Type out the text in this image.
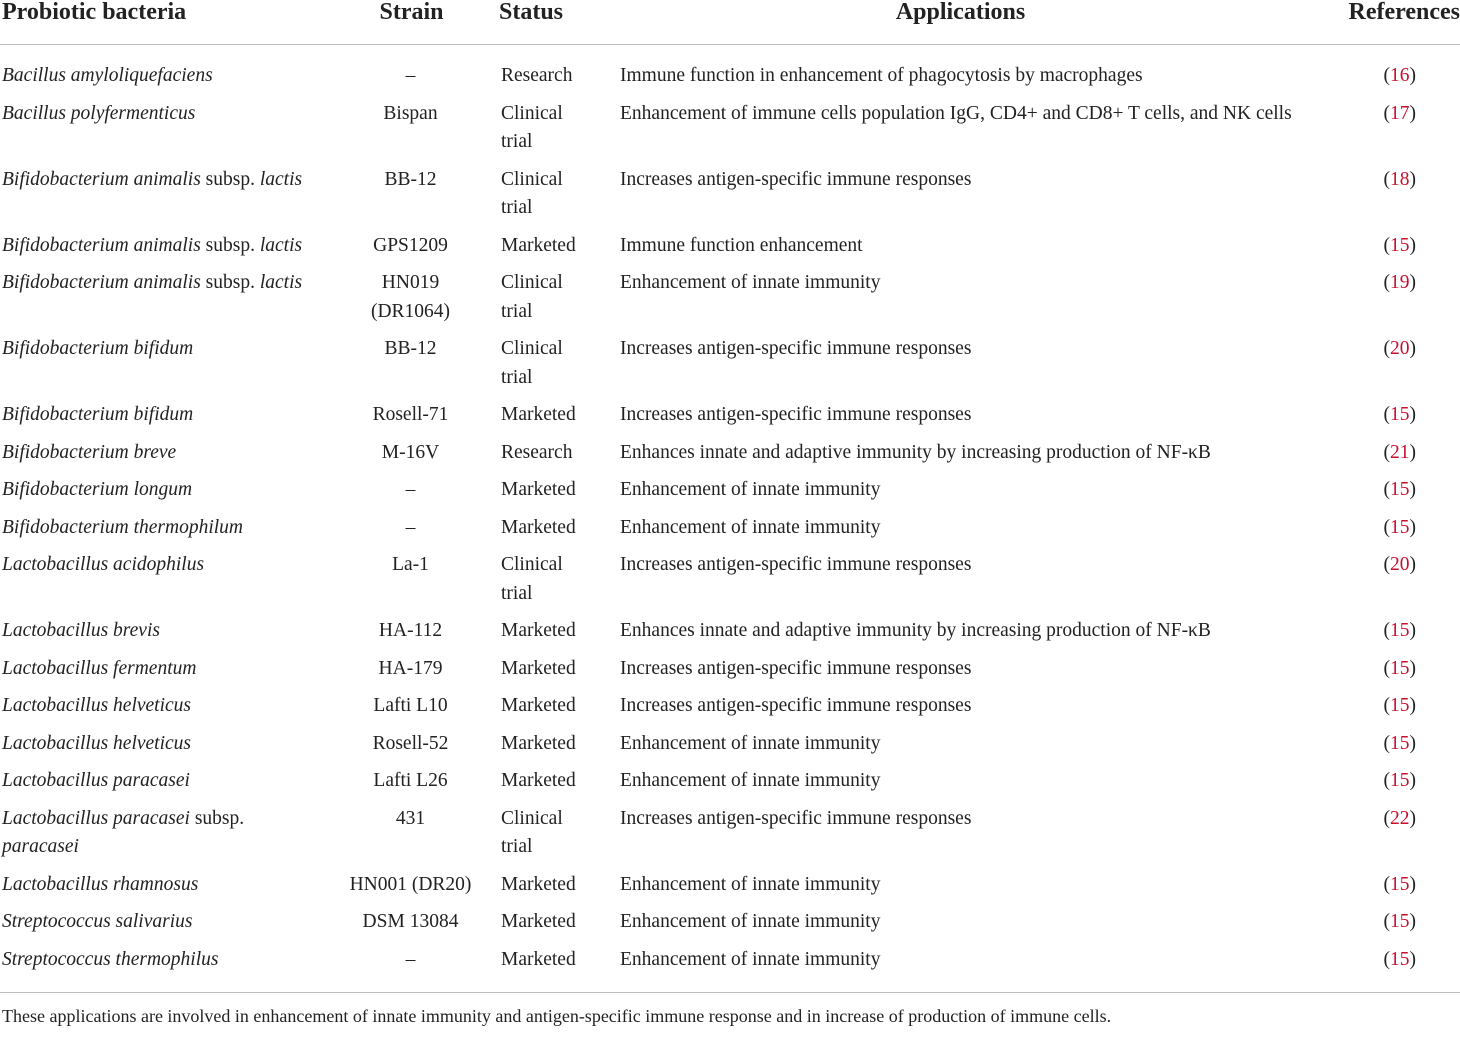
Probiotic bacteria	Strain	Status	Applications	References
Bacillus amyloliquefaciens	–	Research	Immune function in enhancement of phagocytosis by macrophages	(16)
Bacillus polyfermenticus	Bispan	Clinical trial	Enhancement of immune cells population IgG, CD4+ and CD8+ T cells, and NK cells	(17)
Bifidobacterium animalis subsp. lactis	BB-12	Clinical trial	Increases antigen-specific immune responses	(18)
Bifidobacterium animalis subsp. lactis	GPS1209	Marketed	Immune function enhancement	(15)
Bifidobacterium animalis subsp. lactis	HN019 (DR1064)	Clinical trial	Enhancement of innate immunity	(19)
Bifidobacterium bifidum	BB-12	Clinical trial	Increases antigen-specific immune responses	(20)
Bifidobacterium bifidum	Rosell-71	Marketed	Increases antigen-specific immune responses	(15)
Bifidobacterium breve	M-16V	Research	Enhances innate and adaptive immunity by increasing production of NF-κB	(21)
Bifidobacterium longum	–	Marketed	Enhancement of innate immunity	(15)
Bifidobacterium thermophilum	–	Marketed	Enhancement of innate immunity	(15)
Lactobacillus acidophilus	La-1	Clinical trial	Increases antigen-specific immune responses	(20)
Lactobacillus brevis	HA-112	Marketed	Enhances innate and adaptive immunity by increasing production of NF-κB	(15)
Lactobacillus fermentum	HA-179	Marketed	Increases antigen-specific immune responses	(15)
Lactobacillus helveticus	Lafti L10	Marketed	Increases antigen-specific immune responses	(15)
Lactobacillus helveticus	Rosell-52	Marketed	Enhancement of innate immunity	(15)
Lactobacillus paracasei	Lafti L26	Marketed	Enhancement of innate immunity	(15)
Lactobacillus paracasei subsp. paracasei	431	Clinical trial	Increases antigen-specific immune responses	(22)
Lactobacillus rhamnosus	HN001 (DR20)	Marketed	Enhancement of innate immunity	(15)
Streptococcus salivarius	DSM 13084	Marketed	Enhancement of innate immunity	(15)
Streptococcus thermophilus	–	Marketed	Enhancement of innate immunity	(15)
These applications are involved in enhancement of innate immunity and antigen-specific immune response and in increase of production of immune cells.				
